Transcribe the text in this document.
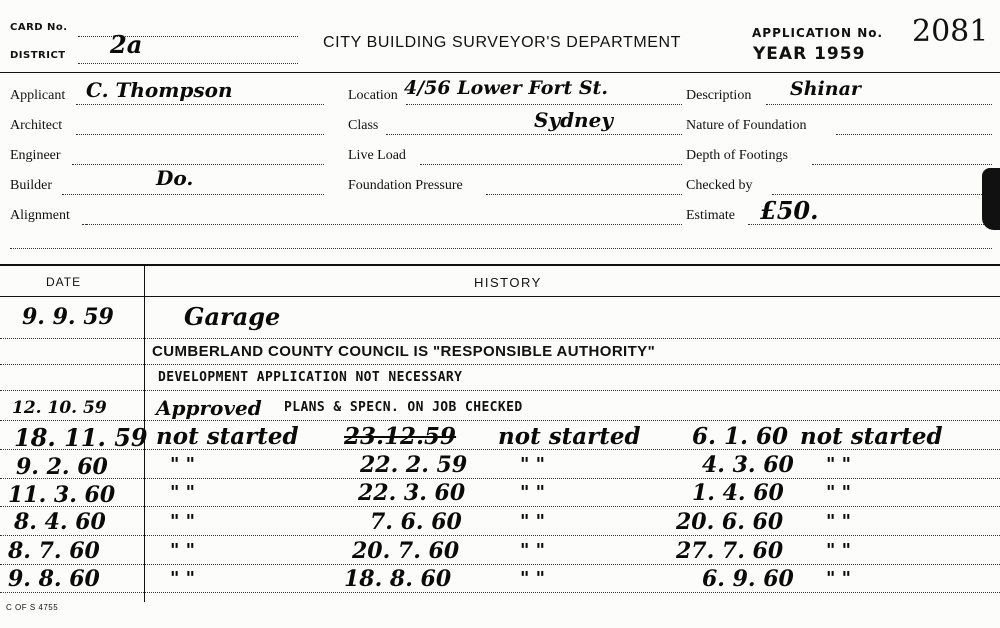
CARD No.
DISTRICT 2a	CITY BUILDING SURVEYOR'S DEPARTMENT
APPLICATION No.
YEAR 1959
2081
Applicant C. Thompson
Architect
Engineer
Builder	Do.
Alignment
Location 4/56 Lower Fort St.
Class	Sydney
Live Load
Foundation Pressure
Description Shinar
Nature of Foundation
Depth of Footings
Checked by
Estimate £50.
DATE	HISTORY
9. 9. 59	Garage
CUMBERLAND COUNTY COUNCIL IS "RESPONSIBLE AUTHORITY"
DEVELOPMENT APPLICATION NOT NECESSARY
12. 10. 59 Approved PLANS & SPECN. ON JOB CHECKED
18. 11. 59 not started 23.12.59 not started 6. 1. 60 not started
9. 2. 60	" "	22. 2. 59	" "	4. 3. 60 " "
11. 3. 60	" "	22. 3. 60	" "	1. 4. 60 " "
8. 4. 60	" "	7. 6. 60	" "	20. 6. 60 " "
8. 7. 60	" "	20. 7. 60	" "	27. 7. 60 " "
9. 8. 60	" "	18. 8. 60	" "	6. 9. 60 " "
C OF S 4755
